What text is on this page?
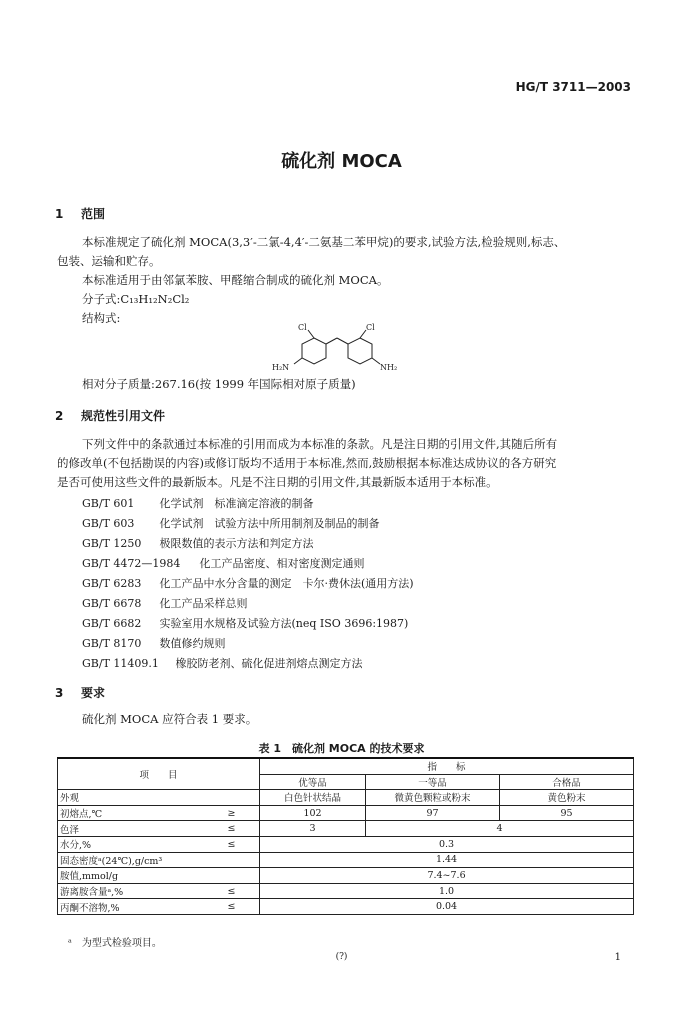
HG/T 3711—2003
硫化剂 MOCA
1 范围
本标准规定了硫化剂 MOCA(3,3′-二氯-4,4′-二氨基二苯甲烷)的要求,试验方法,检验规则,标志、
包装、运输和贮存。
本标准适用于由邻氯苯胺、甲醛缩合制成的硫化剂 MOCA。
分子式:C₁₃H₁₂N₂Cl₂
结构式:
Cl	Cl
H₂N	NH₂
相对分子质量:267.16(按 1999 年国际相对原子质量)
2 规范性引用文件
下列文件中的条款通过本标准的引用而成为本标准的条款。凡是注日期的引用文件,其随后所有
的修改单(不包括勘误的内容)或修订版均不适用于本标准,然而,鼓励根据本标准达成协议的各方研究
是否可使用这些文件的最新版本。凡是不注日期的引用文件,其最新版本适用于本标准。
GB/T 601 化学试剂　标准滴定溶液的制备
GB/T 603 化学试剂　试验方法中所用制剂及制品的制备
GB/T 1250 极限数值的表示方法和判定方法
GB/T 4472—1984 化工产品密度、相对密度测定通则
GB/T 6283 化工产品中水分含量的测定　卡尔·费休法(通用方法)
GB/T 6678 化工产品采样总则
GB/T 6682 实验室用水规格及试验方法(neq ISO 3696:1987)
GB/T 8170 数值修约规则
GB/T 11409.1 橡胶防老剂、硫化促进剂熔点测定方法
3 要求
硫化剂 MOCA 应符合表 1 要求。
表 1　硫化剂 MOCA 的技术要求
项　　目		指　　标		
		优等品	一等品	合格品
外观		白色针状结晶	微黄色颗粒或粉末	黄色粉末
初熔点,℃	≥	102	97	95
色泽	≤	3	4	
水分,%	≤	0.3		
固态密度ᵃ(24℃),g/cm³		1.44		
胺值,mmol/g		7.4~7.6		
游离胺含量ᵃ,%	≤	1.0		
丙酮不溶物,%	≤	0.04		
ᵃ　为型式检验项目。
(?)	1
